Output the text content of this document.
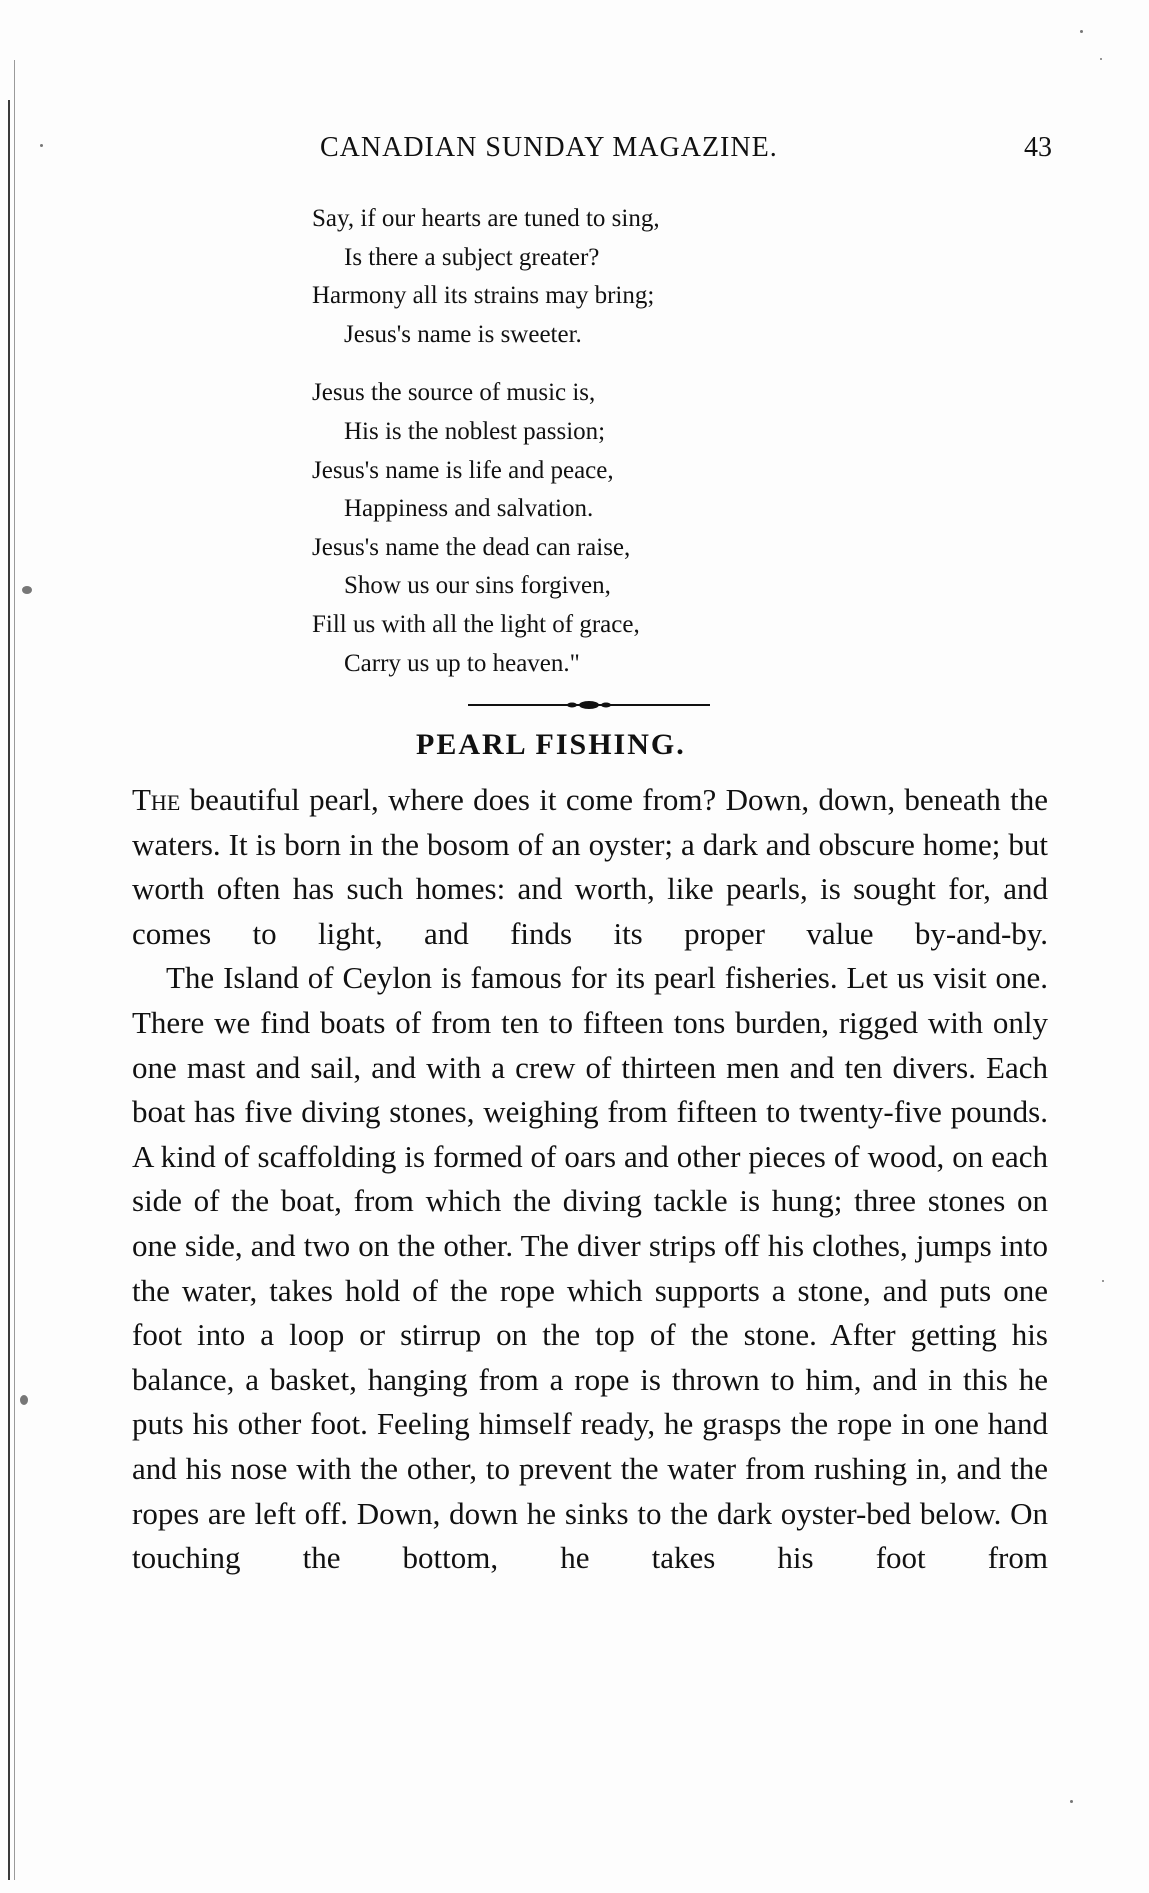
CANADIAN SUNDAY MAGAZINE.	43
Say, if our hearts are tuned to sing,
Is there a subject greater?
Harmony all its strains may bring;
Jesus's name is sweeter.
Jesus the source of music is,
His is the noblest passion;
Jesus's name is life and peace,
Happiness and salvation.
Jesus's name the dead can raise,
Show us our sins forgiven,
Fill us with all the light of grace,
Carry us up to heaven."
PEARL FISHING.

The beautiful pearl, where does it come from? Down, down, beneath the waters. It is born in the bosom of an oyster; a dark and obscure home; but worth often has such homes: and worth, like pearls, is sought for, and comes to light, and finds its proper value by-and-by.

The Island of Ceylon is famous for its pearl fisheries. Let us visit one. There we find boats of from ten to fifteen tons burden, rigged with only one mast and sail, and with a crew of thirteen men and ten divers. Each boat has five diving stones, weighing from fifteen to twenty-five pounds. A kind of scaffolding is formed of oars and other pieces of wood, on each side of the boat, from which the diving tackle is hung; three stones on one side, and two on the other. The diver strips off his clothes, jumps into the water, takes hold of the rope which supports a stone, and puts one foot into a loop or stirrup on the top of the stone. After getting his balance, a basket, hanging from a rope is thrown to him, and in this he puts his other foot. Feeling himself ready, he grasps the rope in one hand and his nose with the other, to prevent the water from rushing in, and the ropes are left off. Down, down he sinks to the dark oyster-bed below. On touching the bottom, he takes his foot from
